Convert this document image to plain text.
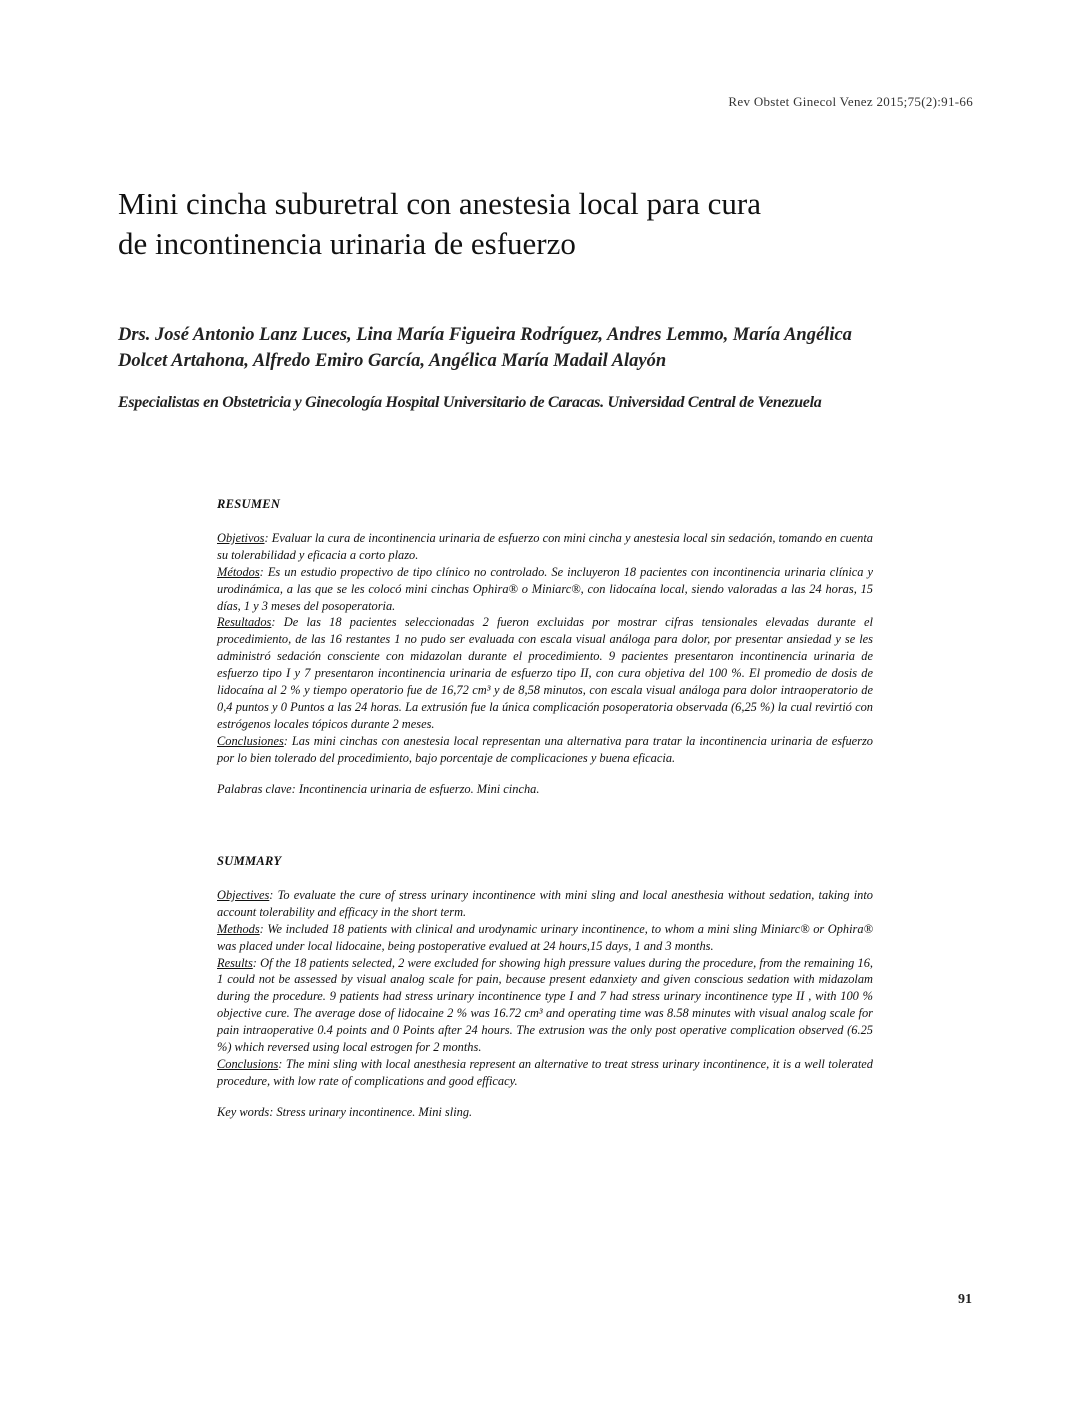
Rev Obstet Ginecol Venez 2015;75(2):91-66
Mini cincha suburetral con anestesia local para cura
de incontinencia urinaria de esfuerzo
Drs. José Antonio Lanz Luces, Lina María Figueira Rodríguez, Andres Lemmo, María Angélica
Dolcet Artahona, Alfredo Emiro García, Angélica María Madail Alayón
Especialistas en Obstetricia y Ginecología Hospital Universitario de Caracas. Universidad Central de Venezuela

RESUMEN

Objetivos: Evaluar la cura de incontinencia urinaria de esfuerzo con mini cincha y anestesia local sin sedación, tomando en cuenta su tolerabilidad y eficacia a corto plazo.

Métodos: Es un estudio propectivo de tipo clínico no controlado. Se incluyeron 18 pacientes con incontinencia urinaria clínica y urodinámica, a las que se les colocó mini cinchas Ophira® o Miniarc®, con lidocaína local, siendo valoradas a las 24 horas, 15 días, 1 y 3 meses del posoperatoria.

Resultados: De las 18 pacientes seleccionadas 2 fueron excluidas por mostrar cifras tensionales elevadas durante el procedimiento, de las 16 restantes 1 no pudo ser evaluada con escala visual análoga para dolor, por presentar ansiedad y se les administró sedación consciente con midazolan durante el procedimiento. 9 pacientes presentaron incontinencia urinaria de esfuerzo tipo I y 7 presentaron incontinencia urinaria de esfuerzo tipo II, con cura objetiva del 100 %. El promedio de dosis de lidocaína al 2 % y tiempo operatorio fue de 16,72 cm³ y de 8,58 minutos, con escala visual análoga para dolor intraoperatorio de 0,4 puntos y 0 Puntos a las 24 horas. La extrusión fue la única complicación posoperatoria observada (6,25 %) la cual revirtió con estrógenos locales tópicos durante 2 meses.

Conclusiones: Las mini cinchas con anestesia local representan una alternativa para tratar la incontinencia urinaria de esfuerzo por lo bien tolerado del procedimiento, bajo porcentaje de complicaciones y buena eficacia.

Palabras clave: Incontinencia urinaria de esfuerzo. Mini cincha.

SUMMARY

Objectives: To evaluate the cure of stress urinary incontinence with mini sling and local anesthesia without sedation, taking into account tolerability and efficacy in the short term.

Methods: We included 18 patients with clinical and urodynamic urinary incontinence, to whom a mini sling Miniarc® or Ophira® was placed under local lidocaine, being postoperative evalued at 24 hours,15 days, 1 and 3 months.

Results: Of the 18 patients selected, 2 were excluded for showing high pressure values during the procedure, from the remaining 16, 1 could not be assessed by visual analog scale for pain, because present edanxiety and given conscious sedation with midazolam during the procedure. 9 patients had stress urinary incontinence type I and 7 had stress urinary incontinence type II , with 100 % objective cure. The average dose of lidocaine 2 % was 16.72 cm³ and operating time was 8.58 minutes with visual analog scale for pain intraoperative 0.4 points and 0 Points after 24 hours. The extrusion was the only post operative complication observed (6.25 %) which reversed using local estrogen for 2 months.

Conclusions: The mini sling with local anesthesia represent an alternative to treat stress urinary incontinence, it is a well tolerated procedure, with low rate of complications and good efficacy.

Key words: Stress urinary incontinence. Mini sling.

91
